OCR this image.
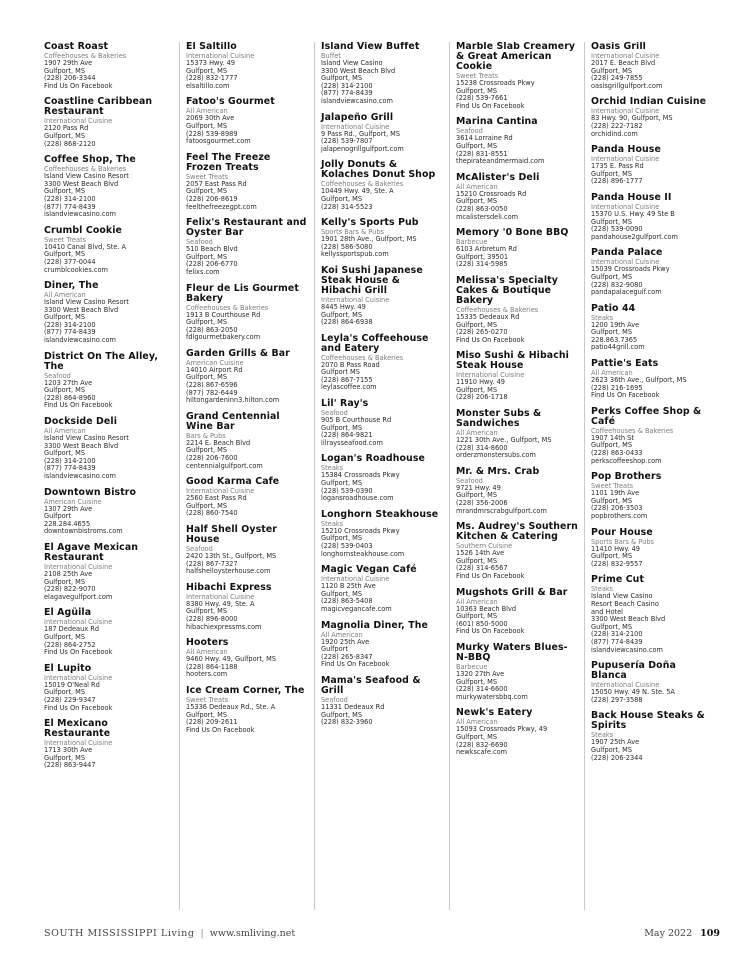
Coast Roast
Coffeehouses & Bakeries
1907 29th Ave
Gulfport, MS
(228) 206-3344
Find Us On Facebook
Coastline Caribbean Restaurant
International Cuisine
2120 Pass Rd
Gulfport, MS
(228) 868-2120
Coffee Shop, The
Coffeehouses & Bakeries
Island View Casino Resort
3300 West Beach Blvd
Gulfport, MS
(228) 314-2100
(877) 774-8439
islandviewcasino.com
Crumbl Cookie
Sweet Treats
10410 Canal Blvd, Ste. A
Gulfport, MS
(228) 377-0044
crumblcookies.com
Diner, The
All American
Island View Casino Resort
3300 West Beach Blvd
Gulfport, MS
(228) 314-2100
(877) 774-8439
islandviewcasino.com
District On The Alley, The
Seafood
1203 27th Ave
Gulfport, MS
(228) 864-8960
Find Us On Facebook
Dockside Deli
All American
Island View Casino Resort
3300 West Beach Blvd
Gulfport, MS
(228) 314-2100
(877) 774-8439
islandviewcasino.com
Downtown Bistro
American Cuisine
1307 29th Ave
Gulfport
228.284.4655
downtownbistroms.com
El Agave Mexican Restaurant
International Cuisine
2108 25th Ave
Gulfport, MS
(228) 822-9070
elagavegulfport.com
El Agüila
International Cuisine
187 Dedeaux Rd
Gulfport, MS
(228) 864-2752
Find Us On Facebook
El Lupito
International Cuisine
15019 O'Neal Rd
Gulfport, MS
(228) 229-9347
Find Us On Facebook
El Mexicano Restaurante
International Cuisine
1713 30th Ave
Gulfport, MS
(228) 863-9447
El Saltillo
International Cuisine
15373 Hwy. 49
Gulfport, MS
(228) 832-1777
elsaltillo.com
Fatoo's Gourmet
All American
2069 30th Ave
Gulfport, MS
(228) 539-8989
fatoosgourmet.com
Feel The Freeze Frozen Treats
Sweet Treats
2057 East Pass Rd
Gulfport, MS
(228) 206-8619
feelthefreezegpt.com
Felix's Restaurant and Oyster Bar
Seafood
510 Beach Blvd
Gulfport, MS
(228) 206-6770
felixs.com
Fleur de Lis Gourmet Bakery
Coffeehouses & Bakeries
1913 B Courthouse Rd
Gulfport, MS
(228) 863-2050
fdlgourmetbakery.com
Garden Grills & Bar
American Cuisine
14010 Airport Rd
Gulfport, MS
(228) 867-6596
(877) 782-6449
hiltongardeninn3.hilton.com
Grand Centennial Wine Bar
Bars & Pubs
2214 E. Beach Blvd
Gulfport, MS
(228) 206-7600
centennialgulfport.com
Good Karma Cafe
International Cuisine
2560 East Pass Rd
Gulfport, MS
(228) 860-7540
Half Shell Oyster House
Seafood
2420 13th St., Gulfport, MS
(228) 867-7327
halfshelloysterhouse.com
Hibachi Express
International Cuisine
8380 Hwy. 49, Ste. A
Gulfport, MS
(228) 896-8000
hibachiexpressms.com
Hooters
All American
9460 Hwy. 49, Gulfport, MS
(228) 864-1188
hooters.com
Ice Cream Corner, The
Sweet Treats
15336 Dedeaux Rd., Ste. A
Gulfport, MS
(228) 209-2611
Find Us On Facebook
Island View Buffet
Buffet
Island View Casino
3300 West Beach Blvd
Gulfport, MS
(228) 314-2100
(877) 774-8439
islandviewcasino.com
Jalapeño Grill
International Cuisine
9 Pass Rd., Gulfport, MS
(228) 539-7807
jalapenogrillgulfport.com
Jolly Donuts & Kolaches Donut Shop
Coffeehouses & Bakeries
10449 Hwy. 49, Ste. A
Gulfport, MS
(228) 314-5523
Kelly's Sports Pub
Sports Bars & Pubs
1901 28th Ave., Gulfport, MS
(228) 586-5080
kellyssportspub.com
Koi Sushi Japanese Steak House & Hibachi Grill
International Cuisine
8445 Hwy. 49
Gulfport, MS
(228) 864-6938
Leyla's Coffeehouse and Eatery
Coffeehouses & Bakeries
2070 B Pass Road
Gulfport MS
(228) 867-7155
leylascoffee.com
Lil' Ray's
Seafood
905 B Courthouse Rd
Gulfport, MS
(228) 864-9821
lilraysseafood.com
Logan's Roadhouse
Steaks
15384 Crossroads Pkwy
Gulfport, MS
(228) 539-0390
logansroadhouse.com
Longhorn Steakhouse
Steaks
15210 Crossroads Pkwy
Gulfport, MS
(228) 539-0403
longhornsteakhouse.com
Magic Vegan Café
International Cuisine
1120 B 25th Ave
Gulfport, MS
(228) 863-5408
magicvegancafe.com
Magnolia Diner, The
All American
1920 25th Ave
Gulfport
(228) 265-8347
Find Us On Facebook
Mama's Seafood & Grill
Seafood
11331 Dedeaux Rd
Gulfport, MS
(228) 832-3960
Marble Slab Creamery & Great American Cookie
Sweet Treats
15238 Crossroads Pkwy
Gulfport, MS
(228) 539-7661
Find Us On Facebook
Marina Cantina
Seafood
3614 Lorraine Rd
Gulfport, MS
(228) 831-8551
thepirateandmermaid.com
McAlister's Deli
All American
15210 Crossroads Rd
Gulfport, MS
(228) 863-0050
mcalistersdeli.com
Memory '0 Bone BBQ
Barbecue
6103 Arbretum Rd
Gulfport, 39501
(228) 314-5985
Melissa's Specialty Cakes & Boutique Bakery
Coffeehouses & Bakeries
15335 Dedeaux Rd
Gulfport, MS
(228) 265-0270
Find Us On Facebook
Miso Sushi & Hibachi Steak House
International Cuisine
11910 Hwy. 49
Gulfport, MS
(228) 206-1718
Monster Subs & Sandwiches
All American
1221 30th Ave., Gulfport, MS
(228) 314-8600
orderzmonstersubs.com
Mr. & Mrs. Crab
Seafood
9721 Hwy. 49
Gulfport, MS
(228) 356-2006
mrandmrscrabgulfport.com
Ms. Audrey's Southern Kitchen & Catering
Southern Cuisine
1526 14th Ave
Gulfport, MS
(228) 314-6567
Find Us On Facebook
Mugshots Grill & Bar
All American
10363 Beach Blvd
Gulfport, MS
(601) 850-5000
Find Us On Facebook
Murky Waters Blues-N-BBQ
Barbecue
1320 27th Ave
Gulfport, MS
(228) 314-6600
murkywatersbbq.com
Newk's Eatery
All American
15093 Crossroads Pkwy, 49
Gulfport, MS
(228) 832-6690
newkscafe.com
Oasis Grill
International Cuisine
2017 E. Beach Blvd
Gulfport, MS
(228) 249-7855
oasisgrillgulfport.com
Orchid Indian Cuisine
International Cuisine
83 Hwy. 90, Gulfport, MS
(228) 222-7182
orchidind.com
Panda House
International Cuisine
1735 E. Pass Rd
Gulfport, MS
(228) 896-1777
Panda House II
International Cuisine
15370 U.S. Hwy. 49 Ste B
Gulfport, MS
(228) 539-0090
pandahouse2gulfport.com
Panda Palace
International Cuisine
15039 Crossroads Pkwy
Gulfport, MS
(228) 832-9080
pandapalaceguif.com
Patio 44
Steaks
1200 19th Ave
Gulfport, MS
228.863.7365
patio44grill.com
Pattie's Eats
All American
2623 36th Ave., Gulfport, MS
(228) 216-1695
Find Us On Facebook
Perks Coffee Shop & Café
Coffeehouses & Bakeries
1907 14th St
Gulfport, MS
(228) 863-0433
perkscoffeeshop.com
Pop Brothers
Sweet Treats
1101 19th Ave
Gulfport, MS
(228) 206-3503
popbrothers.com
Pour House
Sports Bars & Pubs
11410 Hwy. 49
Gulfport, MS
(228) 832-9557
Prime Cut
Steaks
Island View Casino
Resort Beach Casino
and Hotel
3300 West Beach Blvd
Gulfport, MS
(228) 314-2100
(877) 774-8439
islandviewcasino.com
Pupusería Doña Blanca
International Cuisine
15050 Hwy. 49 N. Ste. 5A
(228) 297-3588
Back House Steaks & Spirits
Steaks
1907 25th Ave
Gulfport, MS
(228) 206-2344
SOUTH MISSISSIPPI Living | www.smliving.net	May 2022 109
